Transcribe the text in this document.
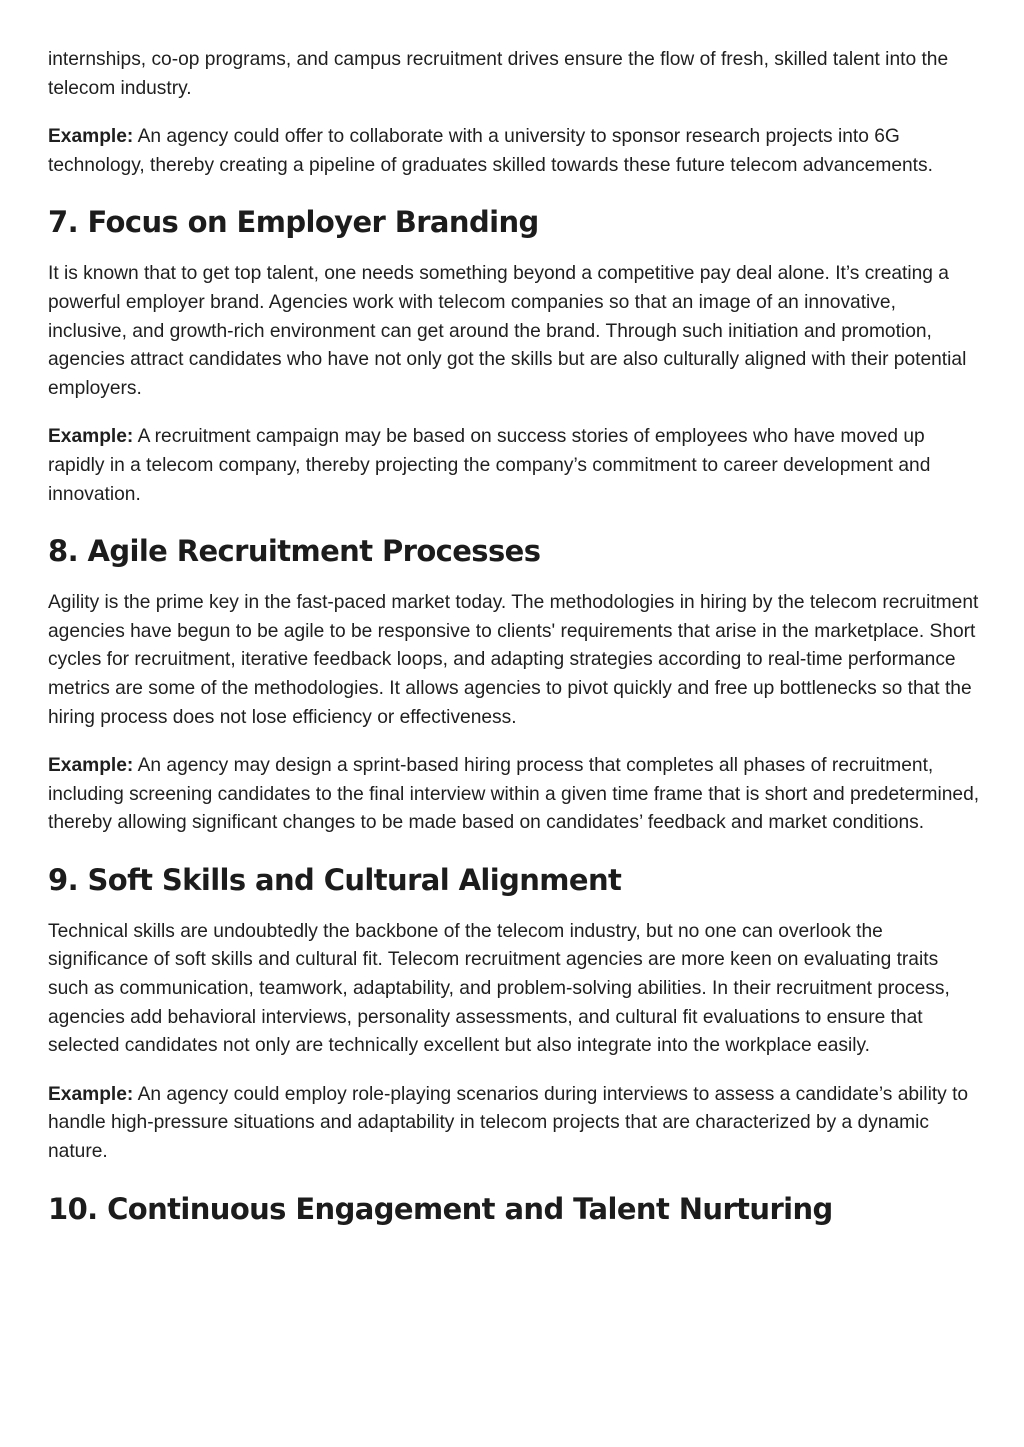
internships, co-op programs, and campus recruitment drives ensure the flow of fresh, skilled talent into the telecom industry.

Example: An agency could offer to collaborate with a university to sponsor research projects into 6G technology, thereby creating a pipeline of graduates skilled towards these future telecom advancements.

7. Focus on Employer Branding

It is known that to get top talent, one needs something beyond a competitive pay deal alone. It’s creating a powerful employer brand. Agencies work with telecom companies so that an image of an innovative, inclusive, and growth-rich environment can get around the brand. Through such initiation and promotion, agencies attract candidates who have not only got the skills but are also culturally aligned with their potential employers.

Example: A recruitment campaign may be based on success stories of employees who have moved up rapidly in a telecom company, thereby projecting the company’s commitment to career development and innovation.

8. Agile Recruitment Processes

Agility is the prime key in the fast-paced market today. The methodologies in hiring by the telecom recruitment agencies have begun to be agile to be responsive to clients' requirements that arise in the marketplace. Short cycles for recruitment, iterative feedback loops, and adapting strategies according to real-time performance metrics are some of the methodologies. It allows agencies to pivot quickly and free up bottlenecks so that the hiring process does not lose efficiency or effectiveness.

Example: An agency may design a sprint-based hiring process that completes all phases of recruitment, including screening candidates to the final interview within a given time frame that is short and predetermined, thereby allowing significant changes to be made based on candidates’ feedback and market conditions.

9. Soft Skills and Cultural Alignment

Technical skills are undoubtedly the backbone of the telecom industry, but no one can overlook the significance of soft skills and cultural fit. Telecom recruitment agencies are more keen on evaluating traits such as communication, teamwork, adaptability, and problem-solving abilities. In their recruitment process, agencies add behavioral interviews, personality assessments, and cultural fit evaluations to ensure that selected candidates not only are technically excellent but also integrate into the workplace easily.

Example: An agency could employ role-playing scenarios during interviews to assess a candidate’s ability to handle high-pressure situations and adaptability in telecom projects that are characterized by a dynamic nature.

10. Continuous Engagement and Talent Nurturing
